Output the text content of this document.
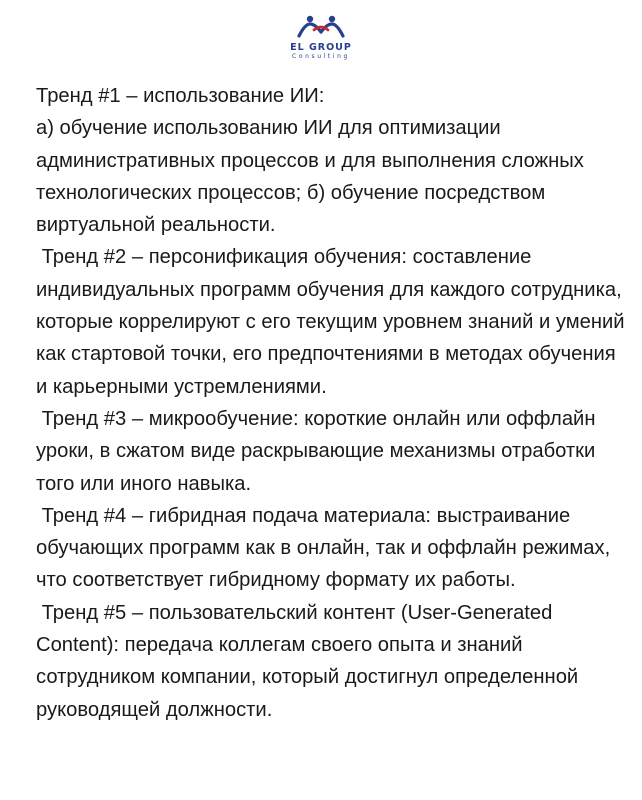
EL GROUP
Consulting

Тренд #1 – использование ИИ:

а) обучение использованию ИИ для оптимизации административных процессов и для выполнения сложных технологических процессов; б) обучение посредством виртуальной реальности.

Тренд #2 – персонификация обучения: составление индивидуальных программ обучения для каждого сотрудника, которые коррелируют с его текущим уровнем знаний и умений как стартовой точки, его предпочтениями в методах обучения и карьерными устремлениями.

Тренд #3 – микрообучение: короткие онлайн или оффлайн уроки, в сжатом виде раскрывающие механизмы отработки того или иного навыка.

Тренд #4 – гибридная подача материала: выстраивание обучающих программ как в онлайн, так и оффлайн режимах, что соответствует гибридному формату их работы.

Тренд #5 – пользовательский контент (User-Generated Content): передача коллегам своего опыта и знаний сотрудником компании, который достигнул определенной руководящей должности.
